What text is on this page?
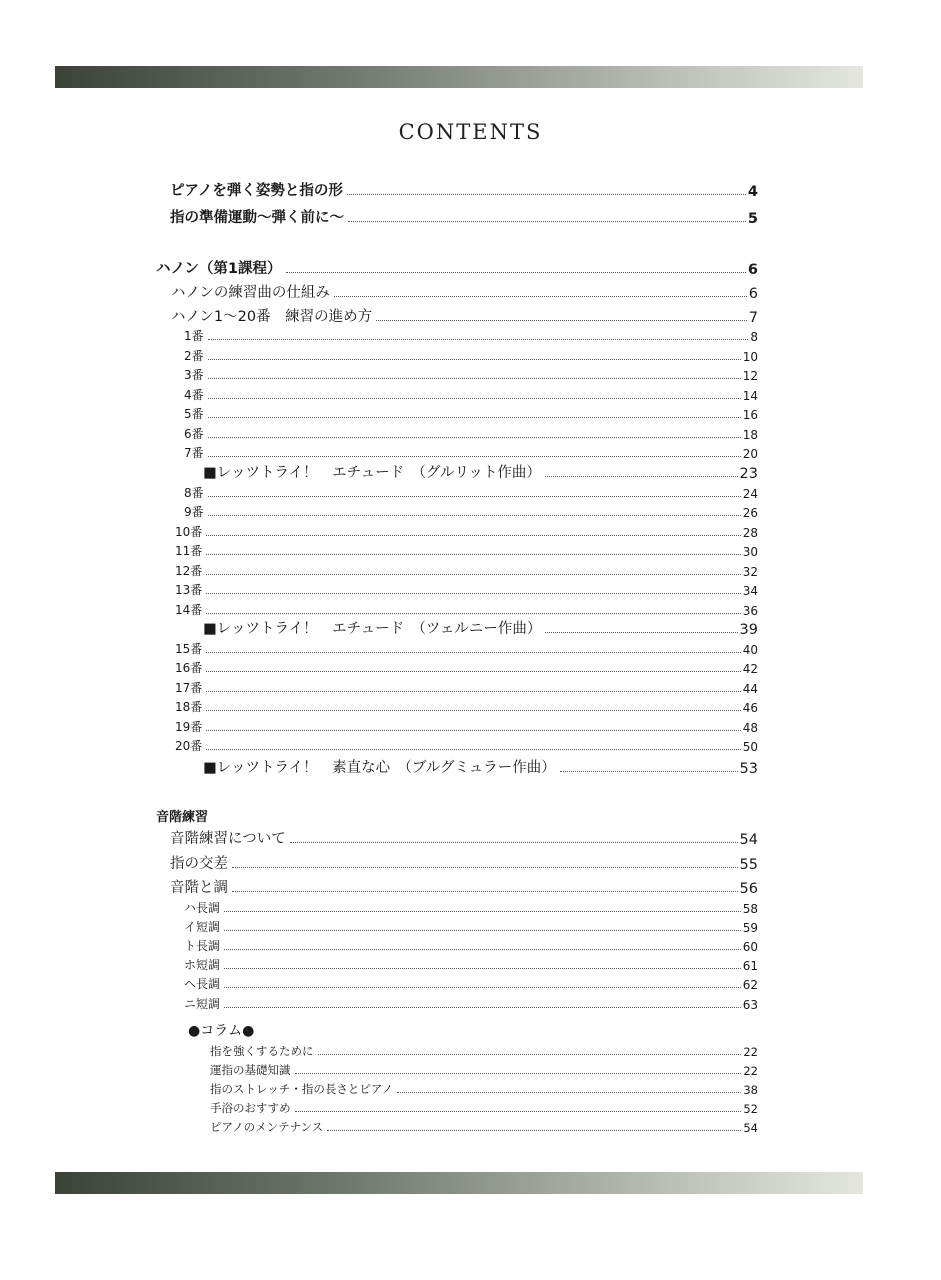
CONTENTS
ピアノを弾く姿勢と指の形	4
指の準備運動～弾く前に～	5
ハノン（第1課程）	6
ハノンの練習曲の仕組み	6
ハノン1～20番　練習の進め方	7
1番	8
2番	10
3番	12
4番	14
5番	16
6番	18
7番	20
■レッツトライ！　エチュード　（グルリット作曲）	23
8番	24
9番	26
10番	28
11番	30
12番	32
13番	34
14番	36
■レッツトライ！　エチュード　（ツェルニー作曲）	39
15番	40
16番	42
17番	44
18番	46
19番	48
20番	50
■レッツトライ！　素直な心　（ブルグミュラー作曲）	53
音階練習
音階練習について	54
指の交差	55
音階と調	56
ハ長調	58
イ短調	59
ト長調	60
ホ短調	61
ヘ長調	62
ニ短調	63
●コラム●
指を強くするために	22
運指の基礎知識	22
指のストレッチ・指の長さとピアノ	38
手浴のおすすめ	52
ピアノのメンテナンス	54
